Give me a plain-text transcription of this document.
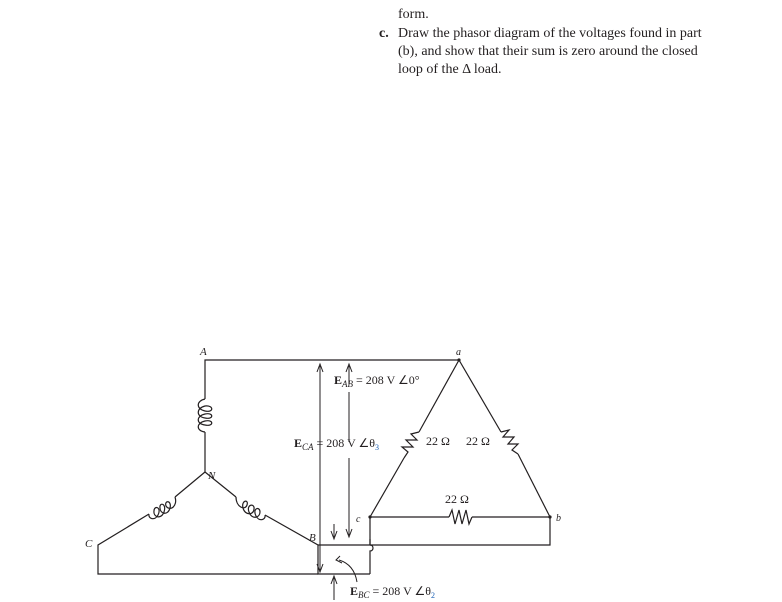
form.
c. Draw the phasor diagram of the voltages found in part
(b), and show that their sum is zero around the closed
loop of the Δ load.
A
N
C	B
a
b
c
$E_{AB} = 208$ V ∠0°
$E_{CA} = 208$ V $\angle\theta_3$
$E_{BC} = 208$ V $\angle\theta_2$
22 Ω 22 Ω
22 Ω
